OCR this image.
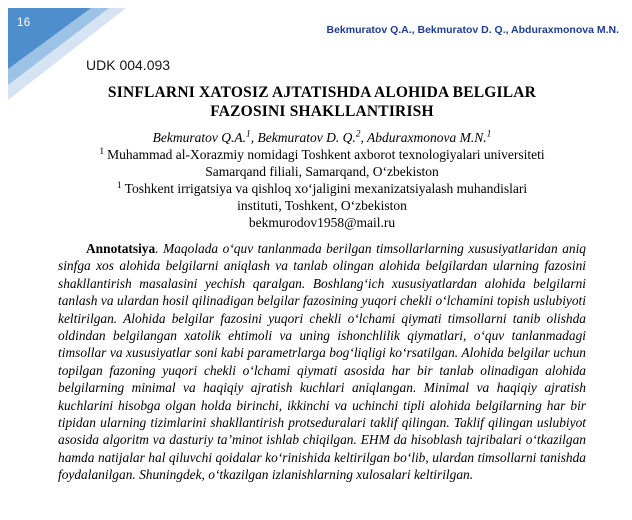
16
Bekmuratov Q.A., Bekmuratov D. Q., Abduraxmonova M.N.
UDK 004.093
SINFLARNI XATOSIZ AJTATISHDA ALOHIDA BELGILAR
FAZOSINI SHAKLLANTIRISH
Bekmuratov Q.A.$^1$, Bekmuratov D. Q.$^2$, Abduraxmonova M.N.$^1$
$^1$ Muhammad al-Xorazmiy nomidagi Toshkent axborot texnologiyalari universiteti
Samarqand filiali, Samarqand, O‘zbekiston
$^1$ Toshkent irrigatsiya va qishloq xo‘jaligini mexanizatsiyalash muhandislari
instituti, Toshkent, O‘zbekiston
bekmurodov1958@mail.ru

Annotatsiya. Maqolada o‘quv tanlanmada berilgan timsollarlarning xususiyatlaridan aniq sinfga xos alohida belgilarni aniqlash va tanlab olingan alohida belgilardan ularning fazosini shakllantirish masalasini yechish qaralgan. Boshlang‘ich xususiyatlardan alohida belgilarni tanlash va ulardan hosil qilinadigan belgilar fazosining yuqori chekli o‘lchamini topish uslubiyoti keltirilgan. Alohida belgilar fazosini yuqori chekli o‘lchami qiymati timsollarni tanib olishda oldindan belgilangan xatolik ehtimoli va uning ishonchlilik qiymatlari, o‘quv tanlanmadagi timsollar va xususiyatlar soni kabi parametrlarga bog‘liqligi ko‘rsatilgan. Alohida belgilar uchun topilgan fazoning yuqori chekli o‘lchami qiymati asosida har bir tanlab olinadigan alohida belgilarning minimal va haqiqiy ajratish kuchlari aniqlangan. Minimal va haqiqiy ajratish kuchlarini hisobga olgan holda birinchi, ikkinchi va uchinchi tipli alohida belgilarning har bir tipidan ularning tizimlarini shakllantirish protseduralari taklif qilingan. Taklif qilingan uslubiyot asosida algoritm va dasturiy ta’minot ishlab chiqilgan. EHM da hisoblash tajribalari o‘tkazilgan hamda natijalar hal qiluvchi qoidalar ko‘rinishida keltirilgan bo‘lib, ulardan timsollarni tanishda foydalanilgan. Shuningdek, o‘tkazilgan izlanishlarning xulosalari keltirilgan.
